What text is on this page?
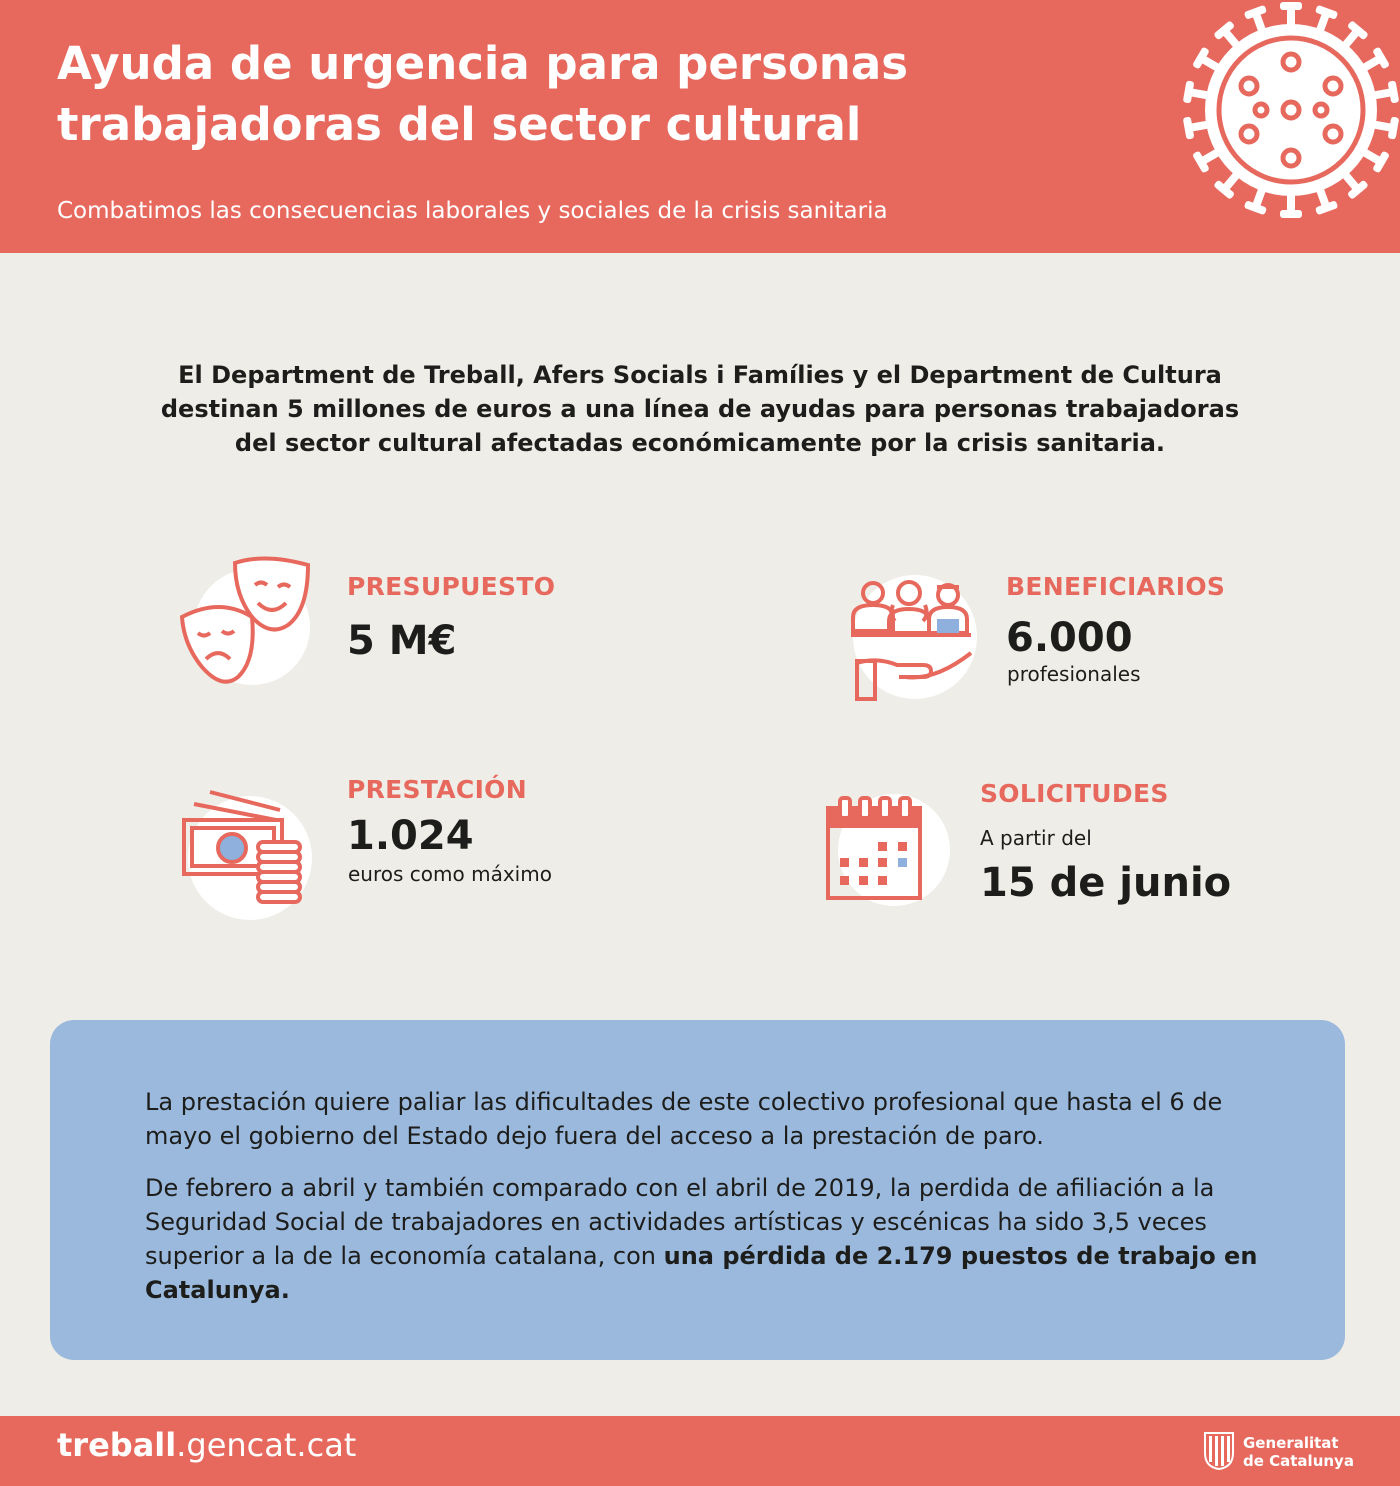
Ayuda de urgencia para personas trabajadoras del sector cultural
Combatimos las consecuencias laborales y sociales de la crisis sanitaria
El Department de Treball, Afers Socials i Famílies y el Department de Cultura destinan 5 millones de euros a una línea de ayudas para personas trabajadoras del sector cultural afectadas económicamente por la crisis sanitaria.
PRESUPUESTO
5 M€
BENEFICIARIOS
6.000
profesionales
PRESTACIÓN
1.024
euros como máximo
SOLICITUDES
A partir del
15 de junio

La prestación quiere paliar las dificultades de este colectivo profesional que hasta el 6 de mayo el gobierno del Estado dejo fuera del acceso a la prestación de paro.

De febrero a abril y también comparado con el abril de 2019, la perdida de afiliación a la Seguridad Social de trabajadores en actividades artísticas y escénicas ha sido 3,5 veces superior a la de la economía catalana, con una pérdida de 2.179 puestos de trabajo en Catalunya.

treball.gencat.cat	Generalitat
de Catalunya
